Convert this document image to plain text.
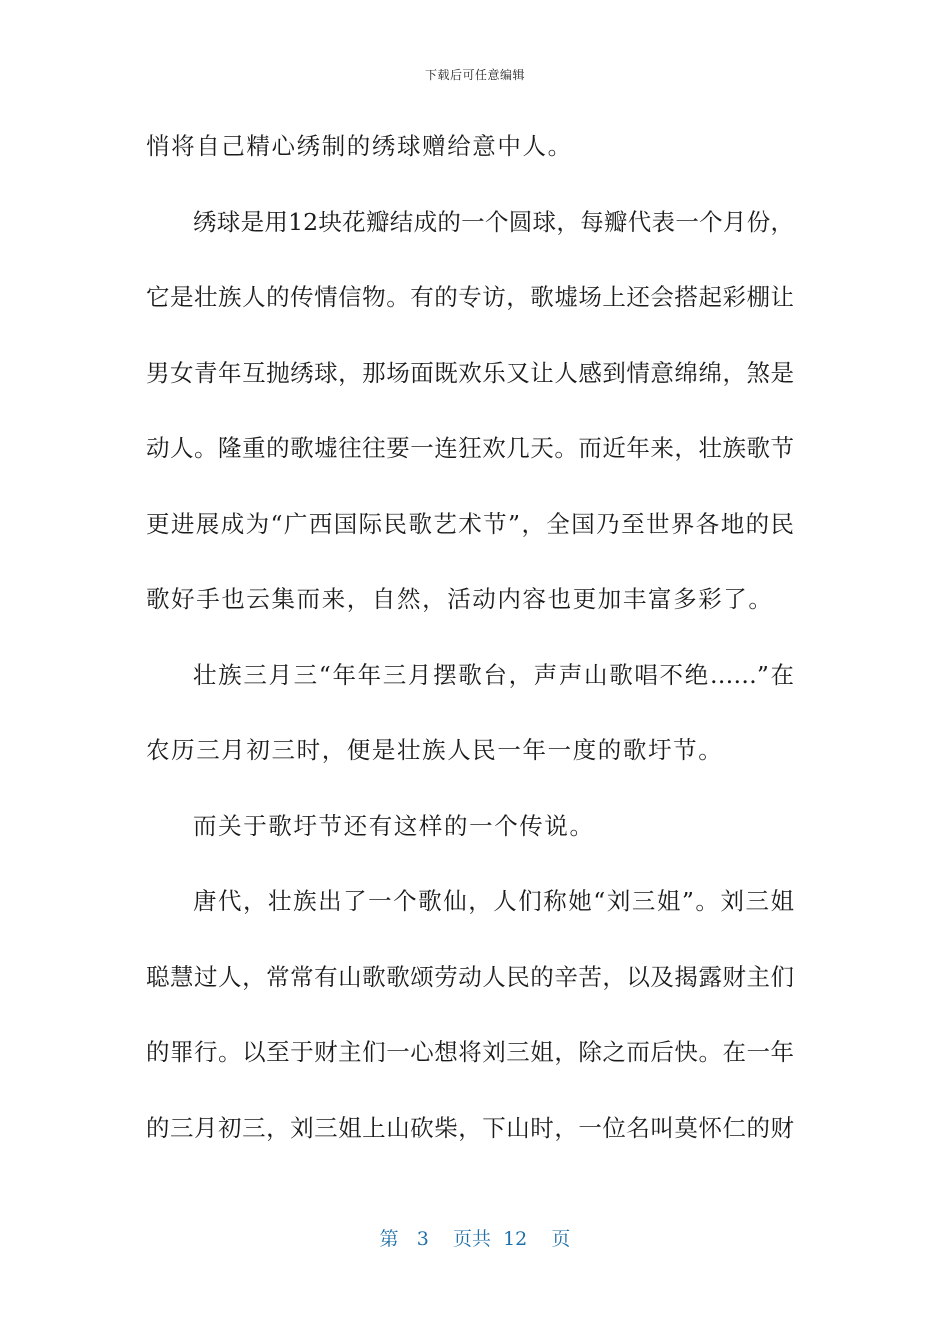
下载后可任意编辑
悄将自己精心绣制的绣球赠给意中人。
绣球是用12块花瓣结成的一个圆球，每瓣代表一个月份，
它是壮族人的传情信物。有的专访，歌墟场上还会搭起彩棚让
男女青年互抛绣球，那场面既欢乐又让人感到情意绵绵，煞是
动人。隆重的歌墟往往要一连狂欢几天。而近年来，壮族歌节
更进展成为“广西国际民歌艺术节”，全国乃至世界各地的民
歌好手也云集而来，自然，活动内容也更加丰富多彩了。
壮族三月三“年年三月摆歌台，声声山歌唱不绝……”在
农历三月初三时，便是壮族人民一年一度的歌圩节。
而关于歌圩节还有这样的一个传说。
唐代，壮族出了一个歌仙，人们称她“刘三姐”。刘三姐
聪慧过人，常常有山歌歌颂劳动人民的辛苦，以及揭露财主们
的罪行。以至于财主们一心想将刘三姐，除之而后快。在一年
的三月初三，刘三姐上山砍柴，下山时，一位名叫莫怀仁的财
第 3 页共 12 页
